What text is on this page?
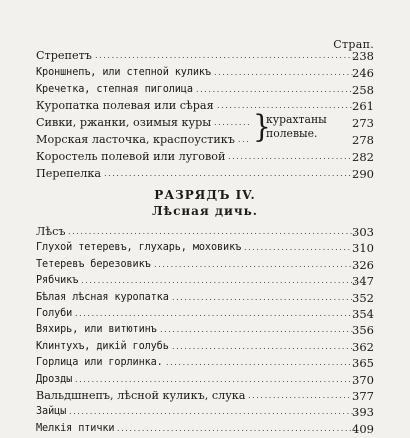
Страп.
Стрепетъ ................................................................
238
Кроншнепъ, или степной куликъ ..................................
246
Кречетка, степная пиголица ......................................
258
Куропатка полевая или сѣрая .................................
261
Сивки, ржанки, озимыя куры .........	273
Морская ласточка, краспоустикъ ...	278
Коростель полевой или луговой .............................. 282
Перепелка .............................................................
290
}
кураxтаны
полевые.
РАЗРЯДЪ IV.
Лѣсная дичь.
Лѣсъ ......................................................................
303
Глухой тетеревъ, глухарь, моховикъ .......................... 310
Тетеревъ березовикъ .................................................
326
Рябчикъ ...................................................................
347
Бѣлая лѣсная куропатка ............................................
352
Голуби .....................................................................
354
Вяхирь, или витютинъ ...............................................
356
Клинтухъ, дикiй голубь ............................................
362
Горлица или горлинка. ..............................................
365
Дрозды .....................................................................
370
Вальдшнепъ, лѣсной куликъ, слука ......................... 377
Зайцы ......................................................................
393
Мелкiя птички ..........................................................
409
